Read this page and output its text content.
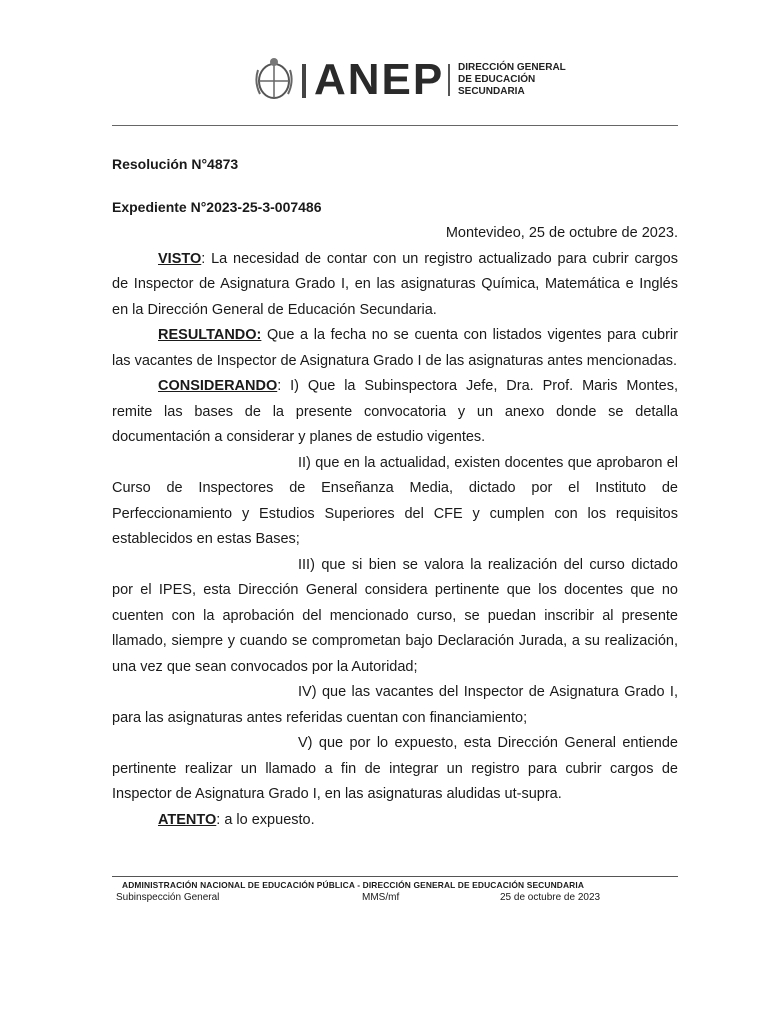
ANEP DIRECCIÓN GENERAL
DE EDUCACIÓN
SECUNDARIA
Resolución N°4873
Expediente N°2023-25-3-007486

Montevideo, 25 de octubre de 2023.

VISTO: La necesidad de contar con un registro actualizado para cubrir cargos de Inspector de Asignatura Grado I, en las asignaturas Química, Matemática e Inglés en la Dirección General de Educación Secundaria.

RESULTANDO: Que a la fecha no se cuenta con listados vigentes para cubrir las vacantes de Inspector de Asignatura Grado I de las asignaturas antes mencionadas.

CONSIDERANDO: I) Que la Subinspectora Jefe, Dra. Prof. Maris Montes, remite las bases de la presente convocatoria y un anexo donde se detalla documentación a considerar y planes de estudio vigentes.

II) que en la actualidad, existen docentes que aprobaron el Curso de Inspectores de Enseñanza Media, dictado por el Instituto de Perfeccionamiento y Estudios Superiores del CFE y cumplen con los requisitos establecidos en estas Bases;

III) que si bien se valora la realización del curso dictado por el IPES, esta Dirección General considera pertinente que los docentes que no cuenten con la aprobación del mencionado curso, se puedan inscribir al presente llamado, siempre y cuando se comprometan bajo Declaración Jurada, a su realización, una vez que sean convocados por la Autoridad;

IV) que las vacantes del Inspector de Asignatura Grado I, para las asignaturas antes referidas cuentan con financiamiento;

V) que por lo expuesto, esta Dirección General entiende pertinente realizar un llamado a fin de integrar un registro para cubrir cargos de Inspector de Asignatura Grado I, en las asignaturas aludidas ut-supra.

ATENTO: a lo expuesto.

ADMINISTRACIÓN NACIONAL DE EDUCACIÓN PÚBLICA - DIRECCIÓN GENERAL DE EDUCACIÓN SECUNDARIA
Subinspección General	MMS/mf	25 de octubre de 2023
